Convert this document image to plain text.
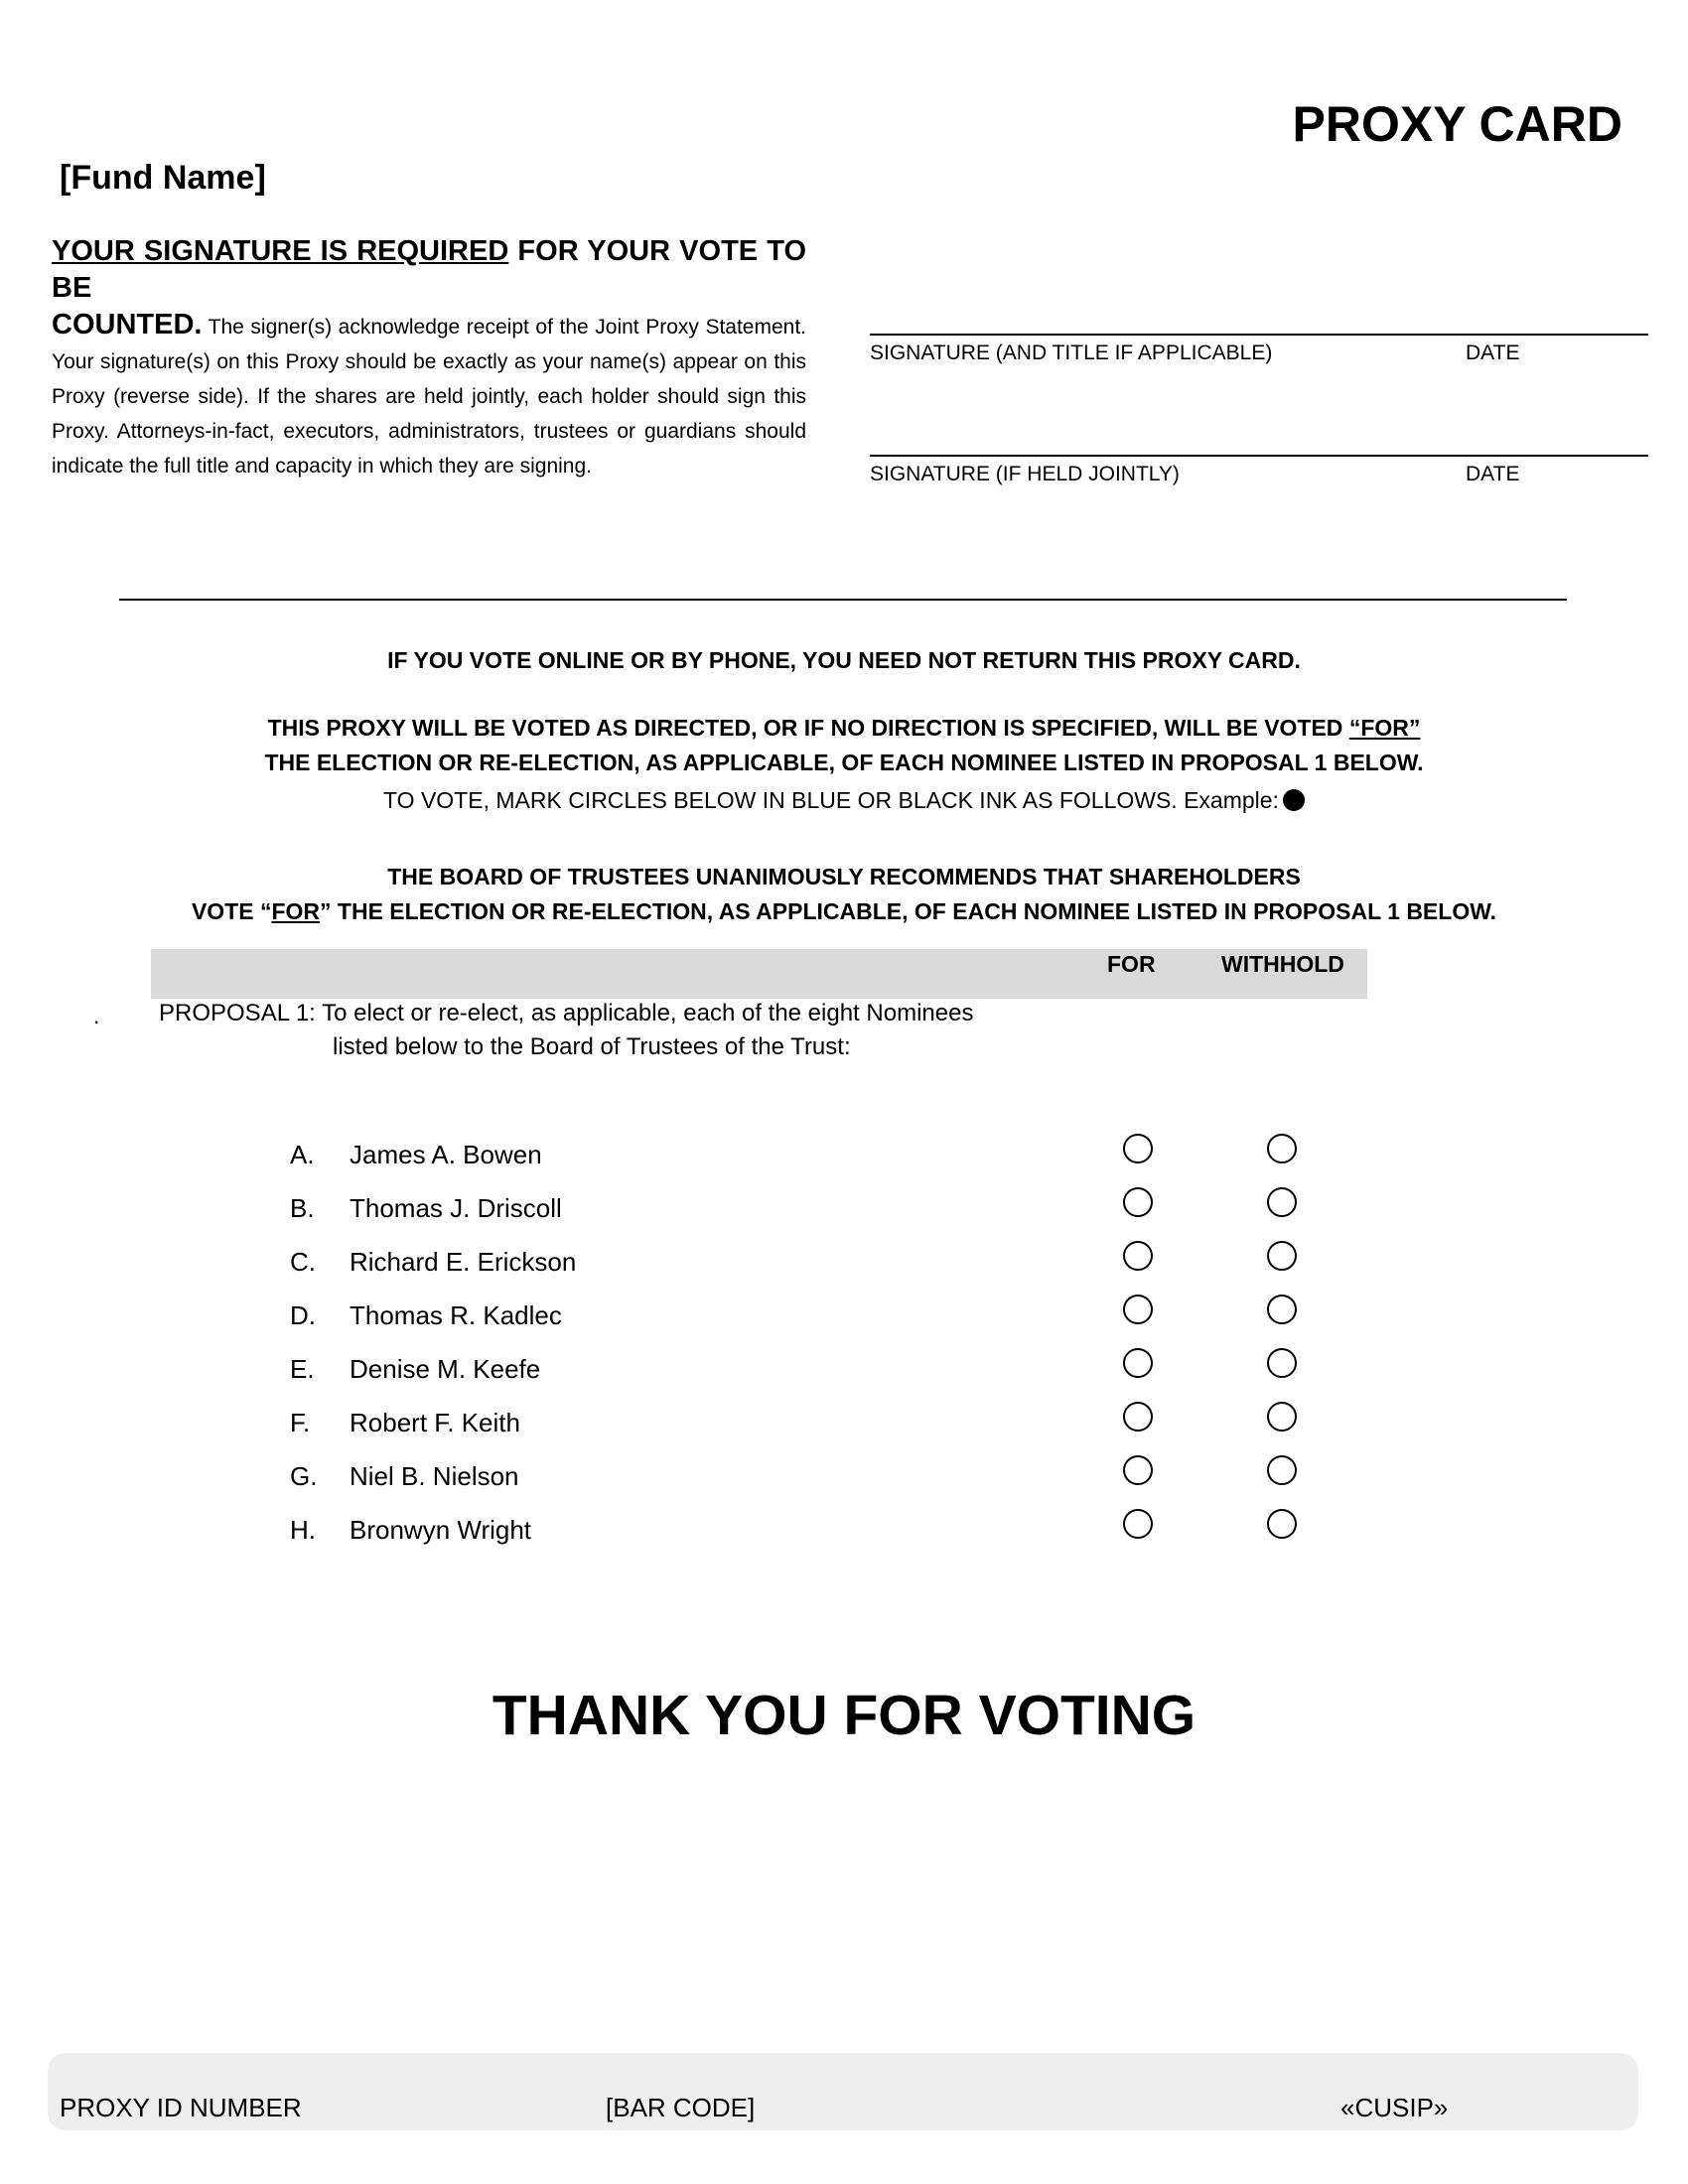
PROXY CARD
[Fund Name]
YOUR SIGNATURE IS REQUIRED FOR YOUR VOTE TO BE
COUNTED. The signer(s) acknowledge receipt of the Joint Proxy Statement. Your signature(s) on this Proxy should be exactly as your name(s) appear on this Proxy (reverse side). If the shares are held jointly, each holder should sign this Proxy. Attorneys-in-fact, executors, administrators, trustees or guardians should indicate the full title and capacity in which they are signing.
SIGNATURE (AND TITLE IF APPLICABLE)	DATE
SIGNATURE (IF HELD JOINTLY)	DATE
IF YOU VOTE ONLINE OR BY PHONE, YOU NEED NOT RETURN THIS PROXY CARD.
THIS PROXY WILL BE VOTED AS DIRECTED, OR IF NO DIRECTION IS SPECIFIED, WILL BE VOTED “FOR”
THE ELECTION OR RE-ELECTION, AS APPLICABLE, OF EACH NOMINEE LISTED IN PROPOSAL 1 BELOW.
TO VOTE, MARK CIRCLES BELOW IN BLUE OR BLACK INK AS FOLLOWS. Example:
THE BOARD OF TRUSTEES UNANIMOUSLY RECOMMENDS THAT SHAREHOLDERS
VOTE “FOR” THE ELECTION OR RE-ELECTION, AS APPLICABLE, OF EACH NOMINEE LISTED IN PROPOSAL 1 BELOW.
FOR	WITHHOLD
. PROPOSAL 1: To elect or re-elect, as applicable, each of the eight Nominees
listed below to the Board of Trustees of the Trust:
A. James A. Bowen
B. Thomas J. Driscoll
C. Richard E. Erickson
D. Thomas R. Kadlec
E. Denise M. Keefe
F. Robert F. Keith
G. Niel B. Nielson
H. Bronwyn Wright
THANK YOU FOR VOTING
PROXY ID NUMBER	[BAR CODE]	«CUSIP»
